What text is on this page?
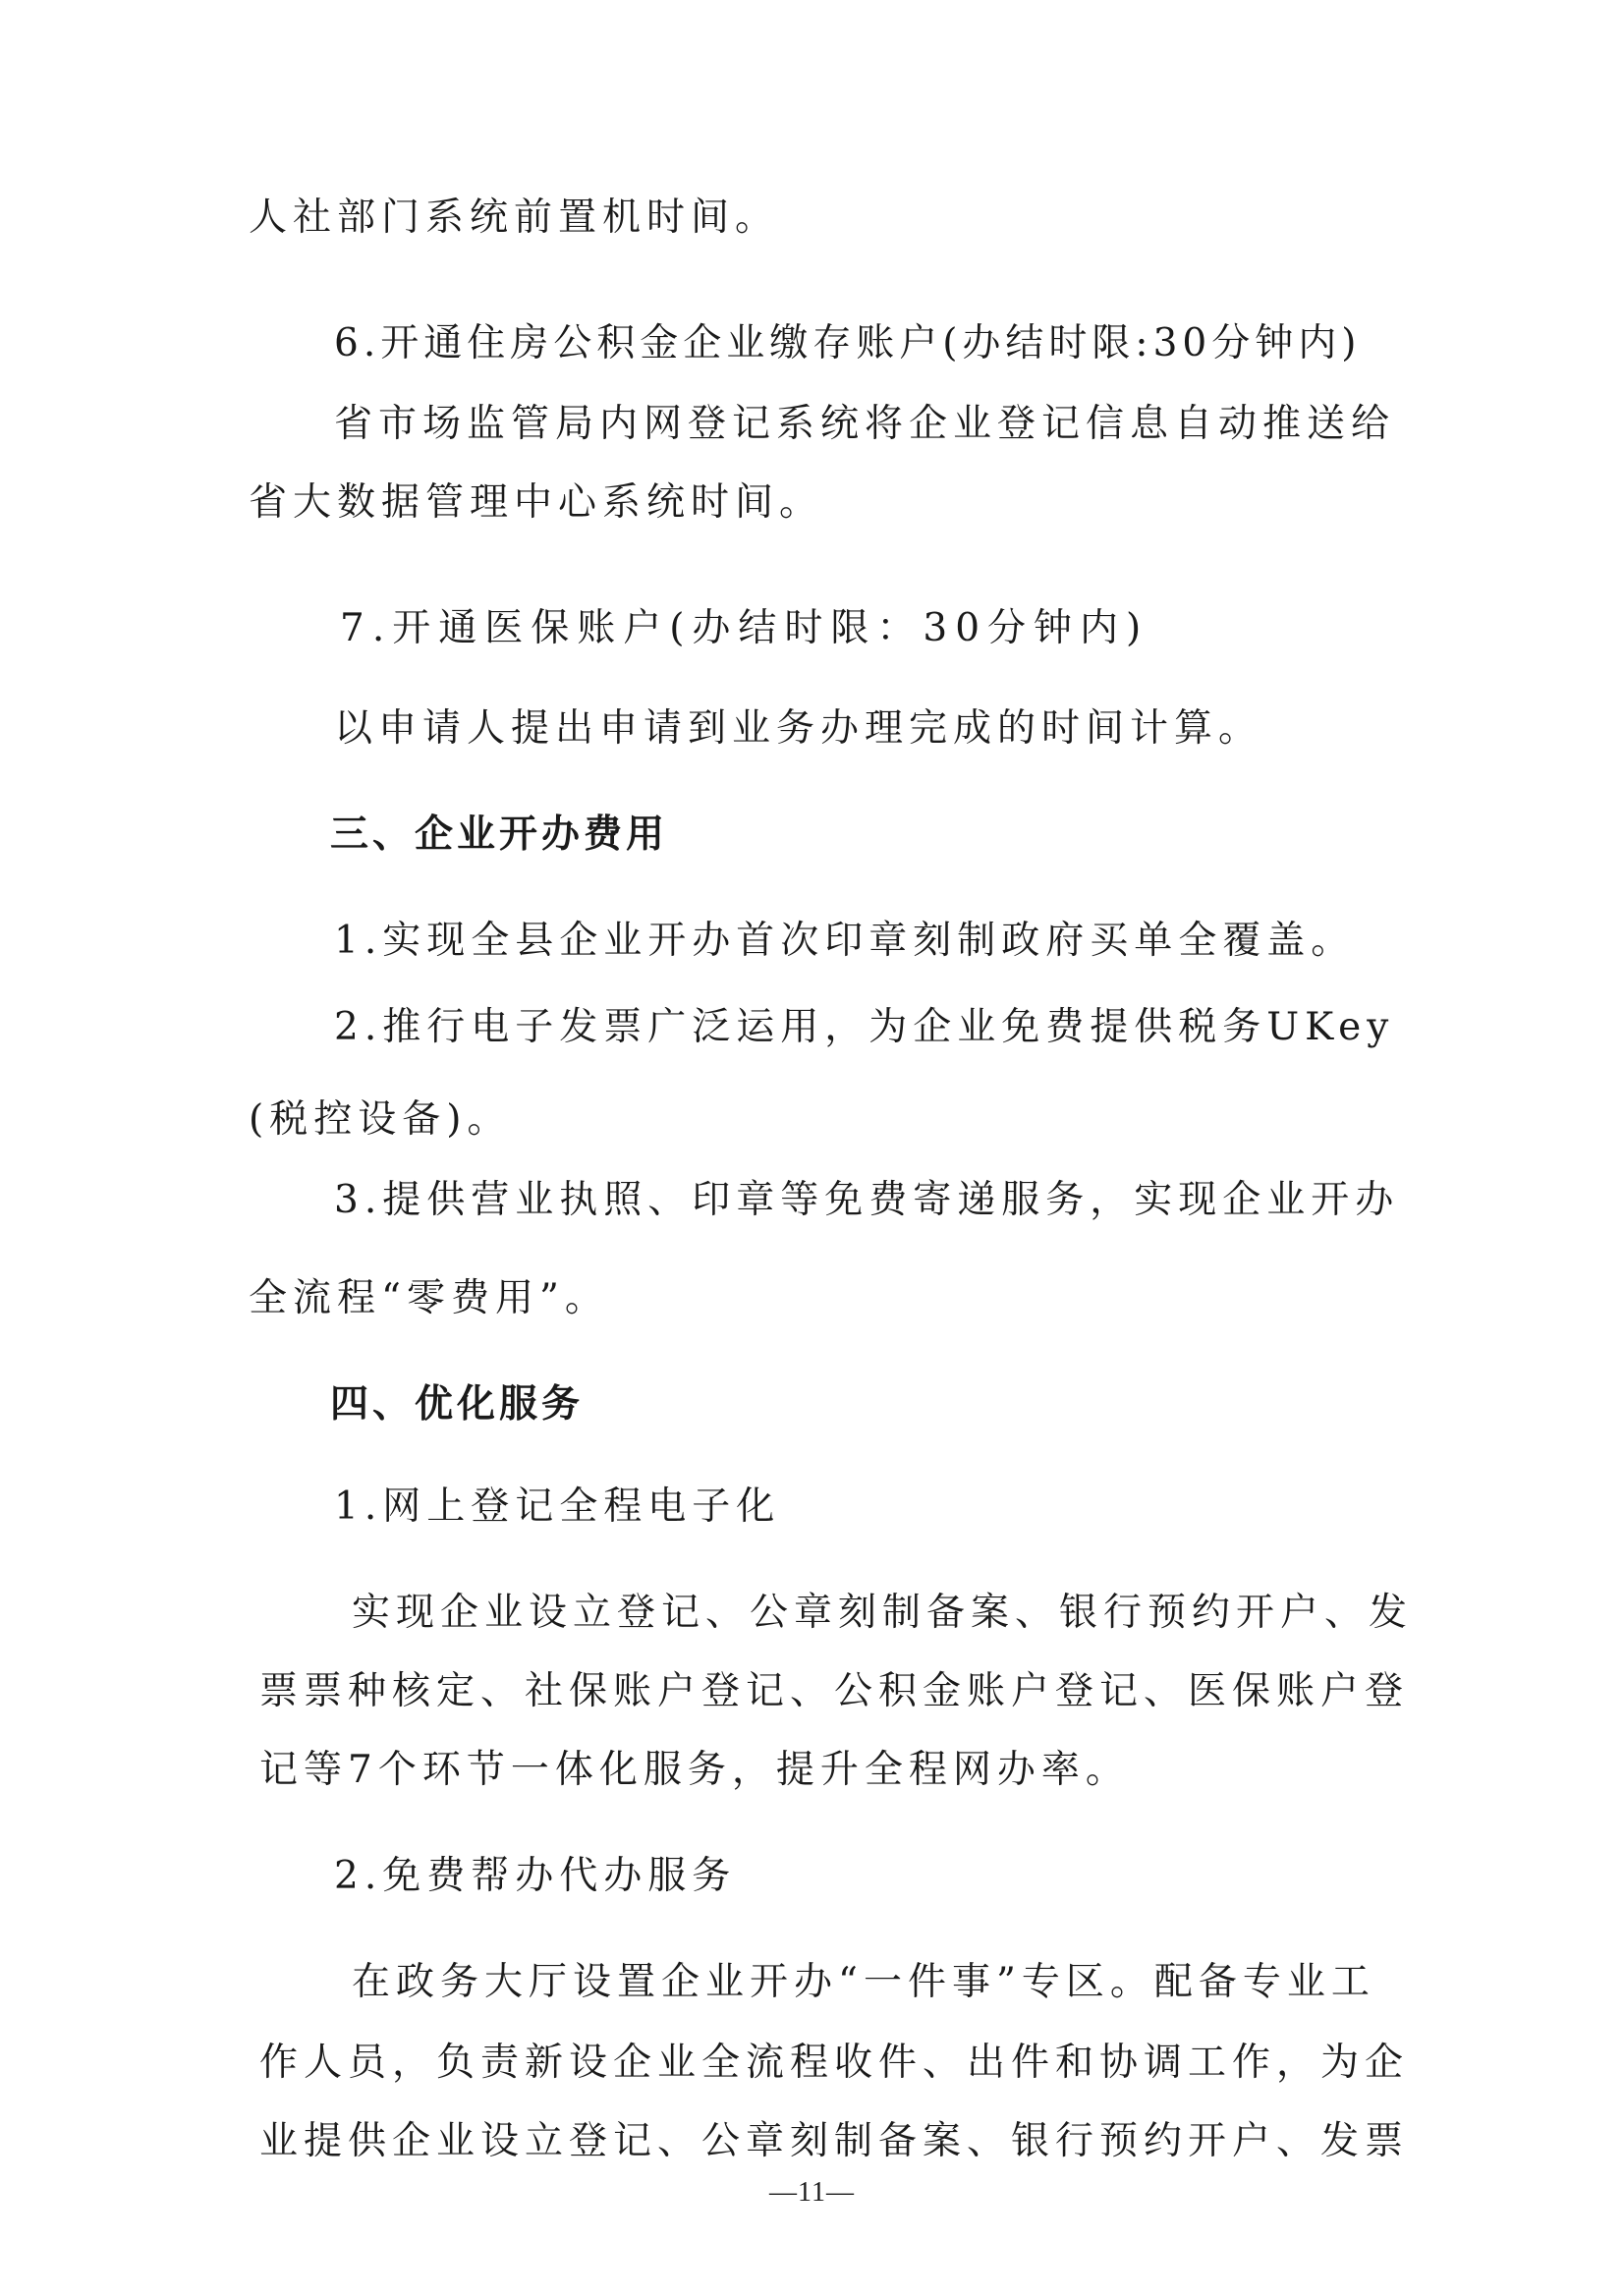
人社部门系统前置机时间。
6.开通住房公积金企业缴存账户(办结时限:30分钟内)
省市场监管局内网登记系统将企业登记信息自动推送给
省大数据管理中心系统时间。
7.开通医保账户(办结时限：30分钟内)
以申请人提出申请到业务办理完成的时间计算。
三、企业开办费用
1.实现全县企业开办首次印章刻制政府买单全覆盖。
2.推行电子发票广泛运用，为企业免费提供税务UKey
(税控设备)。
3.提供营业执照、印章等免费寄递服务，实现企业开办
全流程“零费用”。
四、优化服务
1.网上登记全程电子化
实现企业设立登记、公章刻制备案、银行预约开户、发
票票种核定、社保账户登记、公积金账户登记、医保账户登
记等7个环节一体化服务，提升全程网办率。
2.免费帮办代办服务
在政务大厅设置企业开办“一件事”专区。配备专业工
作人员，负责新设企业全流程收件、出件和协调工作，为企
业提供企业设立登记、公章刻制备案、银行预约开户、发票
—11—
